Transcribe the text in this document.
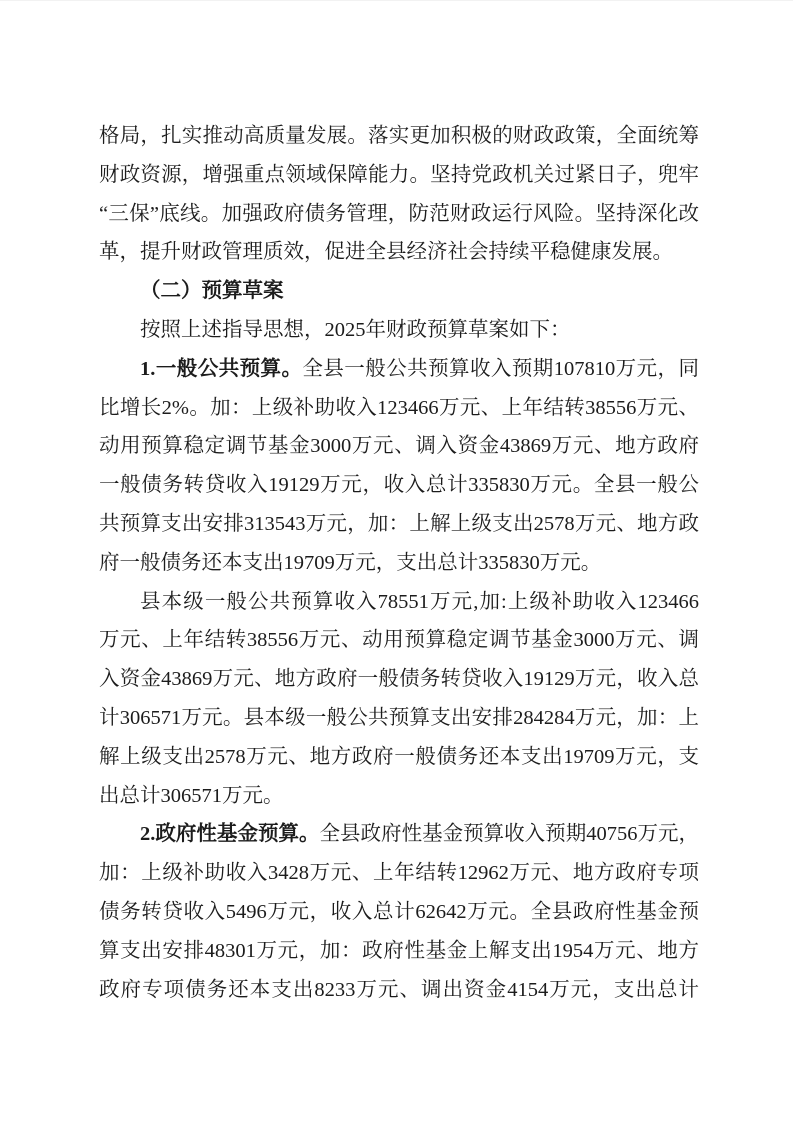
格局，扎实推动高质量发展。落实更加积极的财政政策，全面统筹
财政资源，增强重点领域保障能力。坚持党政机关过紧日子，兜牢
“三保”底线。加强政府债务管理，防范财政运行风险。坚持深化改
革，提升财政管理质效，促进全县经济社会持续平稳健康发展。
（二）预算草案
按照上述指导思想，2025年财政预算草案如下：
1.一般公共预算。全县一般公共预算收入预期107810万元，同
比增长2%。加：上级补助收入123466万元、上年结转38556万元、
动用预算稳定调节基金3000万元、调入资金43869万元、地方政府
一般债务转贷收入19129万元，收入总计335830万元。全县一般公
共预算支出安排313543万元，加：上解上级支出2578万元、地方政
府一般债务还本支出19709万元，支出总计335830万元。
县本级一般公共预算收入78551万元,加:上级补助收入123466
万元、上年结转38556万元、动用预算稳定调节基金3000万元、调
入资金43869万元、地方政府一般债务转贷收入19129万元，收入总
计306571万元。县本级一般公共预算支出安排284284万元，加：上
解上级支出2578万元、地方政府一般债务还本支出19709万元，支
出总计306571万元。
2.政府性基金预算。全县政府性基金预算收入预期40756万元，
加：上级补助收入3428万元、上年结转12962万元、地方政府专项
债务转贷收入5496万元，收入总计62642万元。全县政府性基金预
算支出安排48301万元，加：政府性基金上解支出1954万元、地方
政府专项债务还本支出8233万元、调出资金4154万元，支出总计
